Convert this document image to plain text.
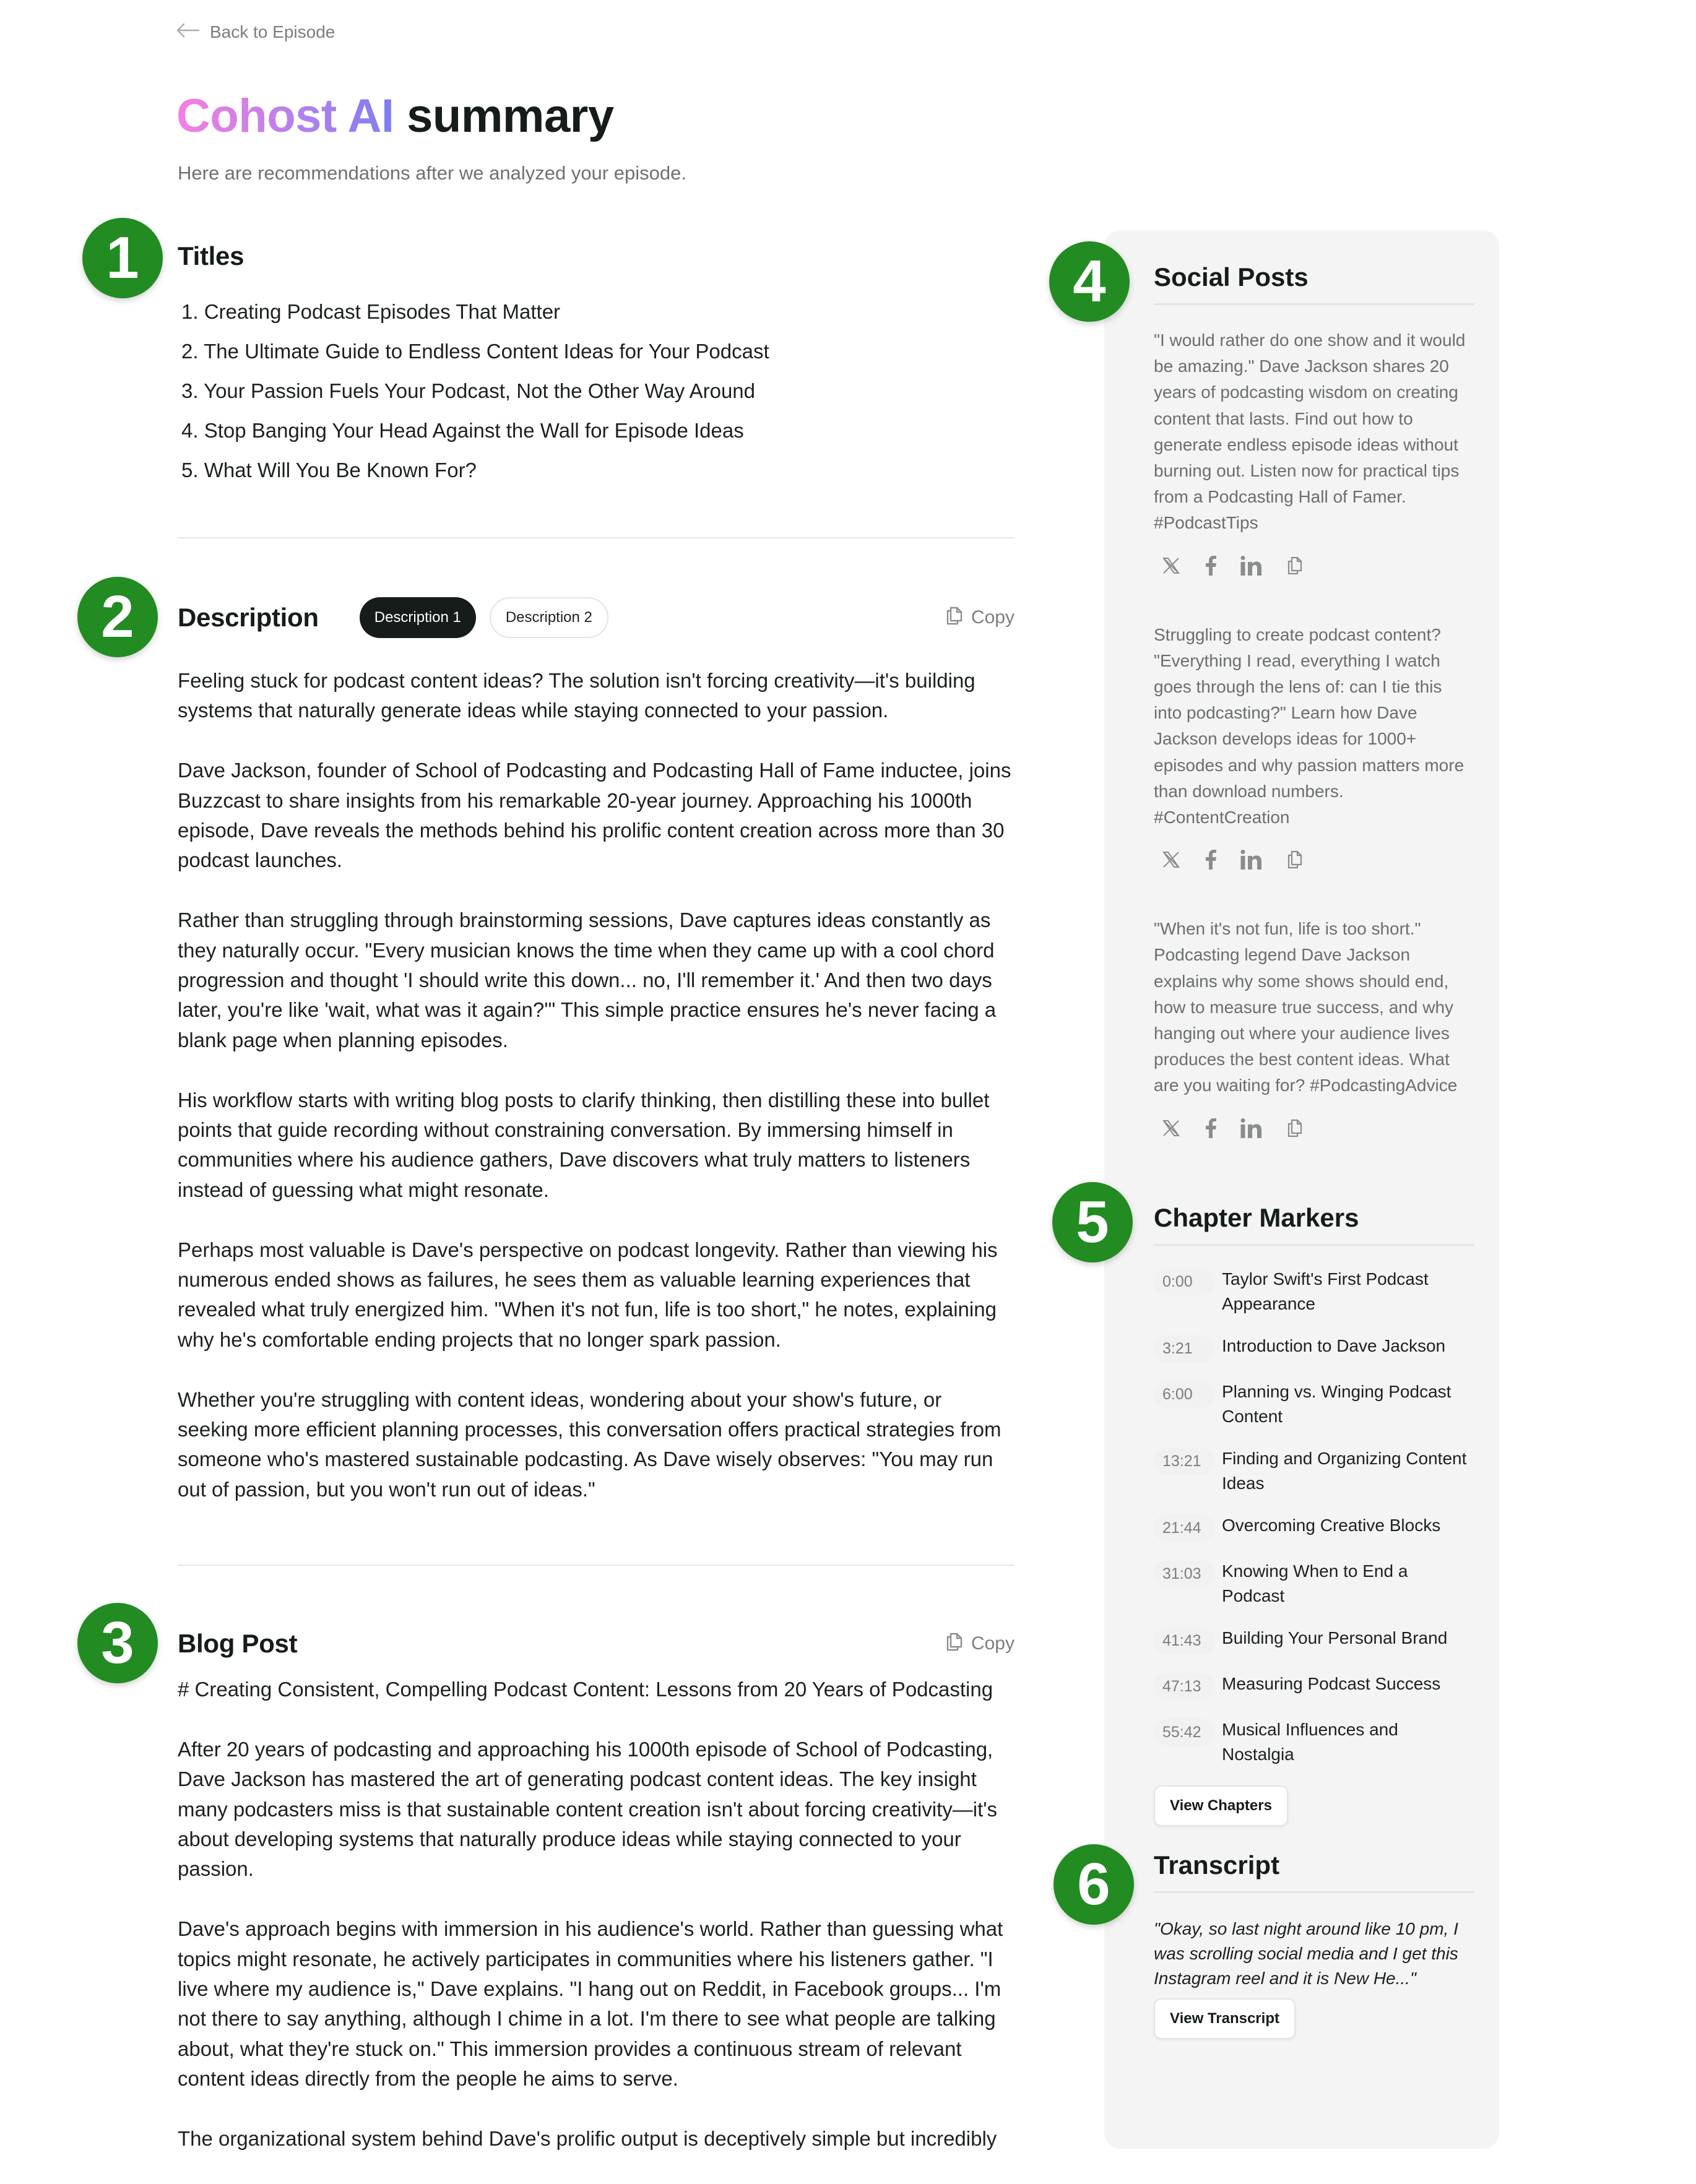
Back to Episode
Cohost AI summary
Here are recommendations after we analyzed your episode.
1
2
3
4
5
6
Titles
1. Creating Podcast Episodes That Matter
2. The Ultimate Guide to Endless Content Ideas for Your Podcast
3. Your Passion Fuels Your Podcast, Not the Other Way Around
4. Stop Banging Your Head Against the Wall for Episode Ideas
5. What Will You Be Known For?
Description	Description 1	Description 2	Copy

Feeling stuck for podcast content ideas? The solution isn't forcing creativity—it's building systems that naturally generate ideas while staying connected to your passion.

Dave Jackson, founder of School of Podcasting and Podcasting Hall of Fame inductee, joins Buzzcast to share insights from his remarkable 20-year journey. Approaching his 1000th episode, Dave reveals the methods behind his prolific content creation across more than 30 podcast launches.

Rather than struggling through brainstorming sessions, Dave captures ideas constantly as they naturally occur. "Every musician knows the time when they came up with a cool chord progression and thought 'I should write this down... no, I'll remember it.' And then two days later, you're like 'wait, what was it again?'" This simple practice ensures he's never facing a blank page when planning episodes.

His workflow starts with writing blog posts to clarify thinking, then distilling these into bullet points that guide recording without constraining conversation. By immersing himself in communities where his audience gathers, Dave discovers what truly matters to listeners instead of guessing what might resonate.

Perhaps most valuable is Dave's perspective on podcast longevity. Rather than viewing his numerous ended shows as failures, he sees them as valuable learning experiences that revealed what truly energized him. "When it's not fun, life is too short," he notes, explaining why he's comfortable ending projects that no longer spark passion.

Whether you're struggling with content ideas, wondering about your show's future, or seeking more efficient planning processes, this conversation offers practical strategies from someone who's mastered sustainable podcasting. As Dave wisely observes: "You may run out of passion, but you won't run out of ideas."

Blog Post	Copy

# Creating Consistent, Compelling Podcast Content: Lessons from 20 Years of Podcasting

After 20 years of podcasting and approaching his 1000th episode of School of Podcasting, Dave Jackson has mastered the art of generating podcast content ideas. The key insight many podcasters miss is that sustainable content creation isn't about forcing creativity—it's about developing systems that naturally produce ideas while staying connected to your passion.

Dave's approach begins with immersion in his audience's world. Rather than guessing what topics might resonate, he actively participates in communities where his listeners gather. "I live where my audience is," Dave explains. "I hang out on Reddit, in Facebook groups... I'm not there to say anything, although I chime in a lot. I'm there to see what people are talking about, what they're stuck on." This immersion provides a continuous stream of relevant content ideas directly from the people he aims to serve.

The organizational system behind Dave's prolific output is deceptively simple but incredibly

Social Posts
"I would rather do one show and it would be amazing." Dave Jackson shares 20 years of podcasting wisdom on creating content that lasts. Find out how to generate endless episode ideas without burning out. Listen now for practical tips from a Podcasting Hall of Famer. #PodcastTips
Struggling to create podcast content? "Everything I read, everything I watch goes through the lens of: can I tie this into podcasting?" Learn how Dave Jackson develops ideas for 1000+ episodes and why passion matters more than download numbers. #ContentCreation
"When it's not fun, life is too short." Podcasting legend Dave Jackson explains why some shows should end, how to measure true success, and why hanging out where your audience lives produces the best content ideas. What are you waiting for? #PodcastingAdvice
Chapter Markers
0:00	Taylor Swift's First Podcast Appearance
3:21	Introduction to Dave Jackson
6:00	Planning vs. Winging Podcast Content
13:21	Finding and Organizing Content Ideas
21:44	Overcoming Creative Blocks
31:03	Knowing When to End a Podcast
41:43	Building Your Personal Brand
47:13	Measuring Podcast Success
55:42	Musical Influences and Nostalgia
View Chapters
Transcript
"Okay, so last night around like 10 pm, I was scrolling social media and I get this Instagram reel and it is New He..."
View Transcript
